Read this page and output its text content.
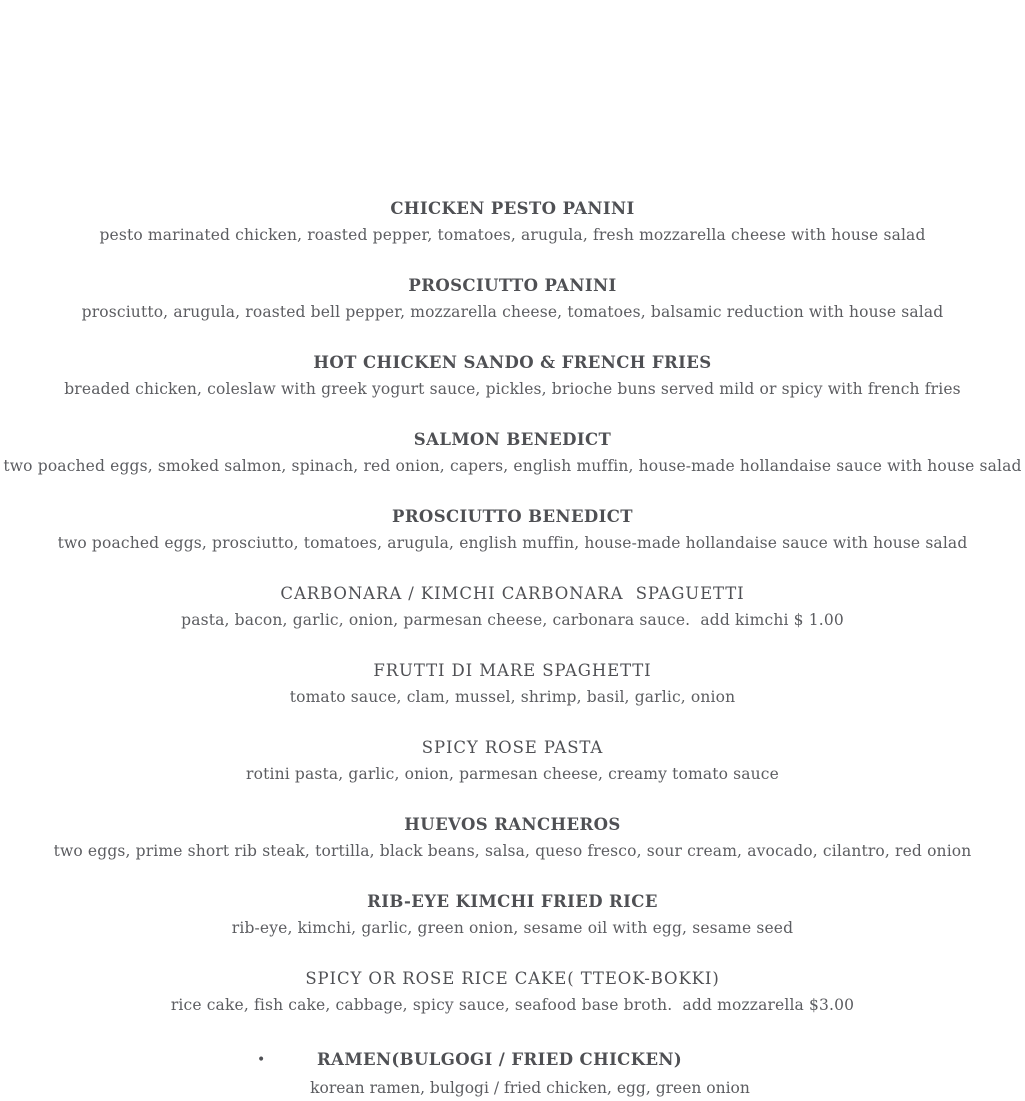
CHICKEN PESTO PANINI
pesto marinated chicken, roasted pepper, tomatoes, arugula, fresh mozzarella cheese with house salad
PROSCIUTTO PANINI
prosciutto, arugula, roasted bell pepper, mozzarella cheese, tomatoes, balsamic reduction with house salad
HOT CHICKEN SANDO & FRENCH FRIES
breaded chicken, coleslaw with greek yogurt sauce, pickles, brioche buns served mild or spicy with french fries
SALMON BENEDICT
two poached eggs, smoked salmon, spinach, red onion, capers, english muffin, house-made hollandaise sauce with house salad
PROSCIUTTO BENEDICT
two poached eggs, prosciutto, tomatoes, arugula, english muffin, house-made hollandaise sauce with house salad
CARBONARA / KIMCHI CARBONARA  SPAGUETTI
pasta, bacon, garlic, onion, parmesan cheese, carbonara sauce.  add kimchi $ 1.00
FRUTTI DI MARE SPAGHETTI
tomato sauce, clam, mussel, shrimp, basil, garlic, onion
SPICY ROSE PASTA
rotini pasta, garlic, onion, parmesan cheese, creamy tomato sauce
HUEVOS RANCHEROS
two eggs, prime short rib steak, tortilla, black beans, salsa, queso fresco, sour cream, avocado, cilantro, red onion
RIB-EYE KIMCHI FRIED RICE
rib-eye, kimchi, garlic, green onion, sesame oil with egg, sesame seed
SPICY OR ROSE RICE CAKE( TTEOK-BOKKI)
rice cake, fish cake, cabbage, spicy sauce, seafood base broth.  add mozzarella $3.00
•	RAMEN(BULGOGI / FRIED CHICKEN)
korean ramen, bulgogi / fried chicken, egg, green onion
